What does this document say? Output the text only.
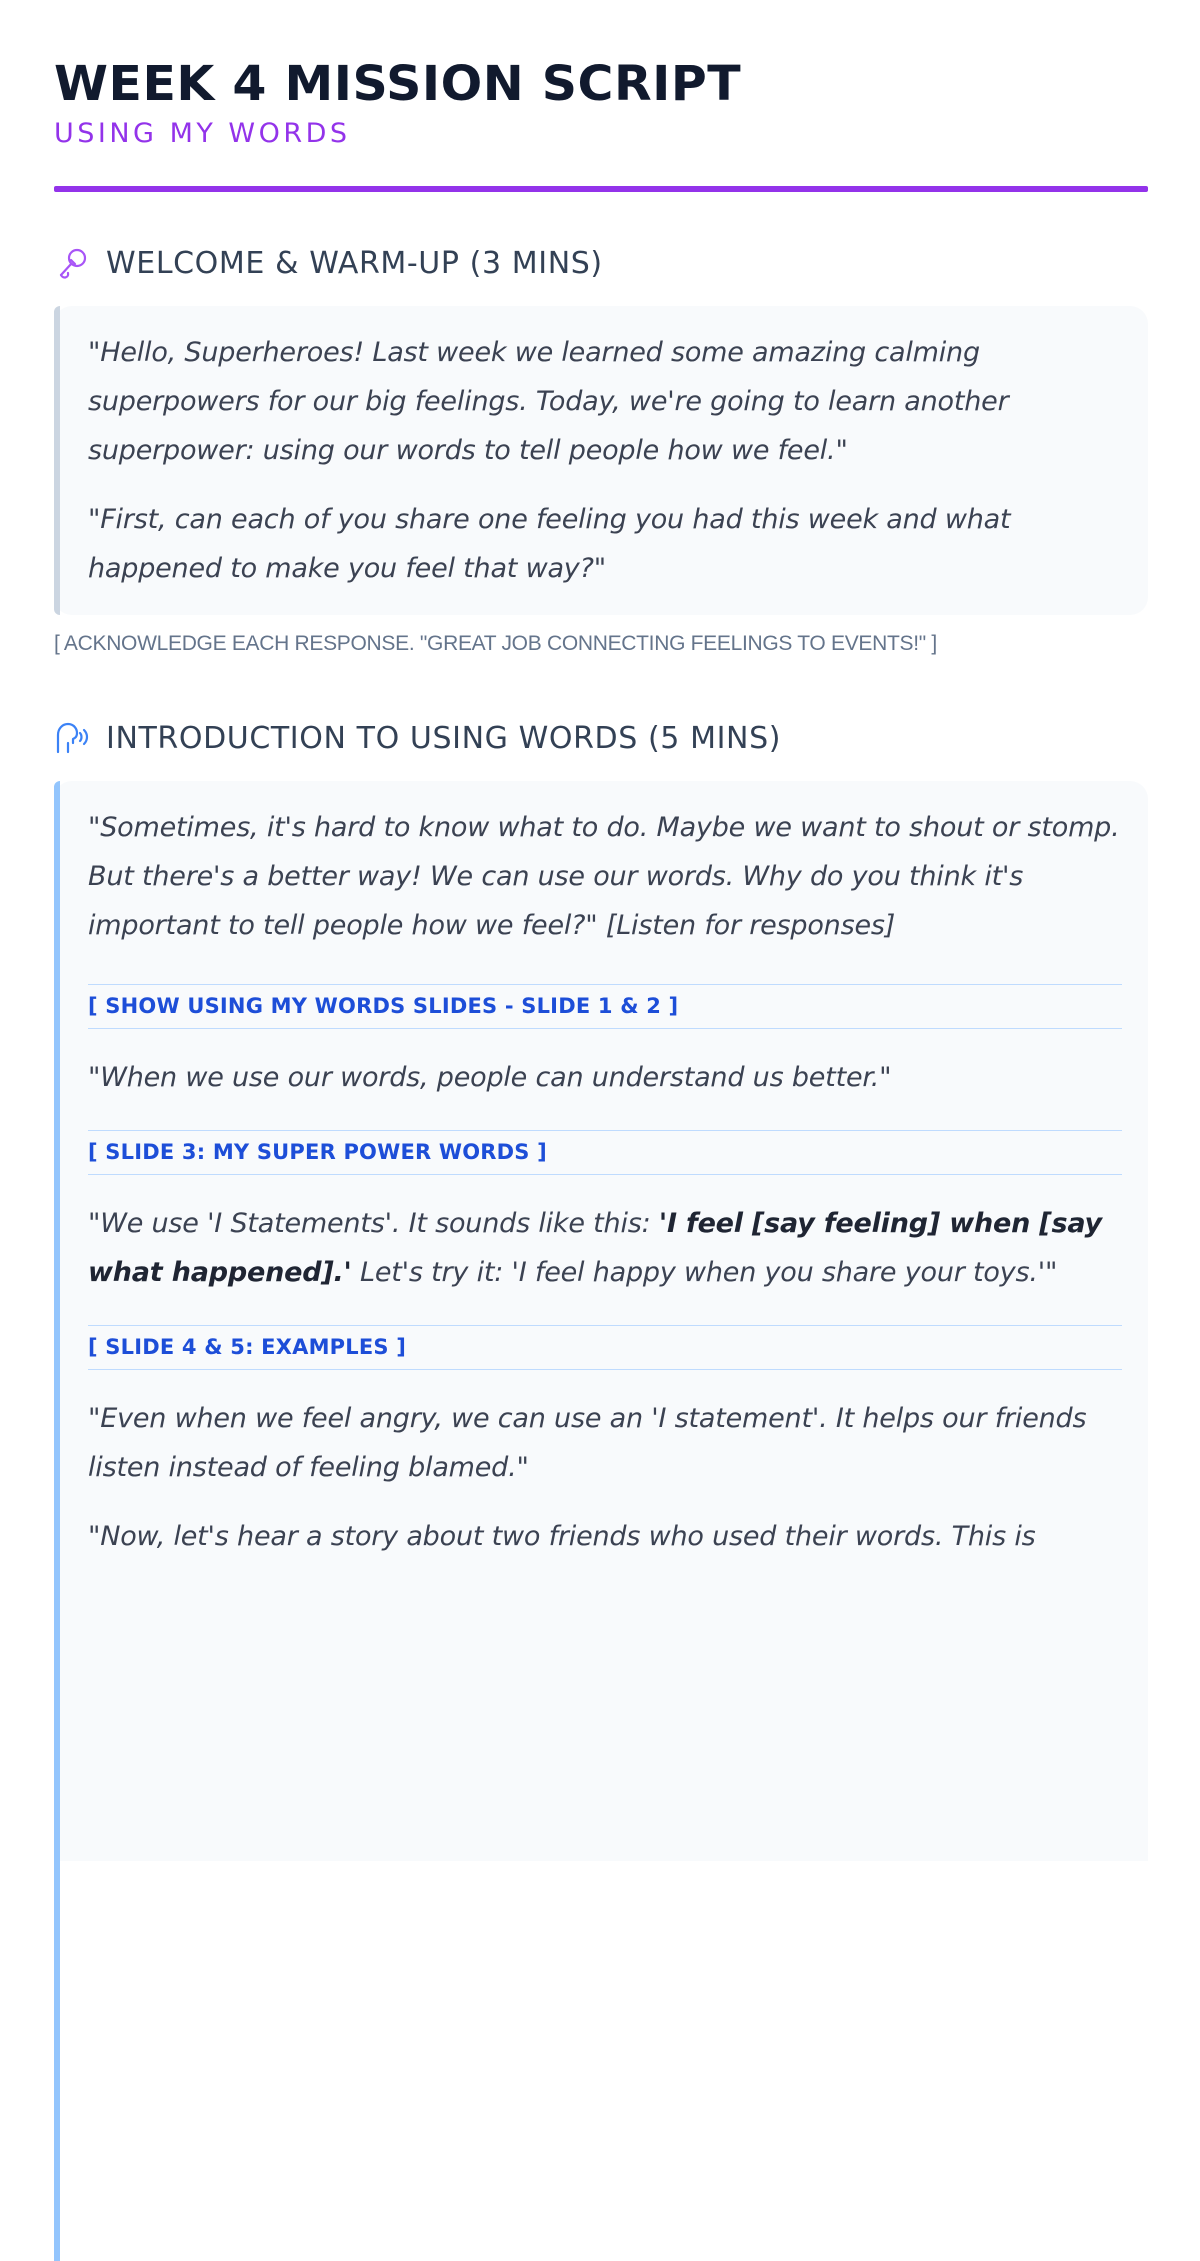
WEEK 4 MISSION SCRIPT
USING MY WORDS
WELCOME & WARM-UP (3 MINS)

"Hello, Superheroes! Last week we learned some amazing calming superpowers for our big feelings. Today, we're going to learn another superpower: using our words to tell people how we feel."

"First, can each of you share one feeling you had this week and what happened to make you feel that way?"

[ ACKNOWLEDGE EACH RESPONSE. "GREAT JOB CONNECTING FEELINGS TO EVENTS!" ]

INTRODUCTION TO USING WORDS (5 MINS)

"Sometimes, it's hard to know what to do. Maybe we want to shout or stomp. But there's a better way! We can use our words. Why do you think it's important to tell people how we feel?" [Listen for responses]

[ SHOW USING MY WORDS SLIDES - SLIDE 1 & 2 ]

"When we use our words, people can understand us better."

[ SLIDE 3: MY SUPER POWER WORDS ]

"We use 'I Statements'. It sounds like this: 'I feel [say feeling] when [say what happened].' Let's try it: 'I feel happy when you share your toys.'"

[ SLIDE 4 & 5: EXAMPLES ]

"Even when we feel angry, we can use an 'I statement'. It helps our friends listen instead of feeling blamed."

"Now, let's hear a story about two friends who used their words. This is
